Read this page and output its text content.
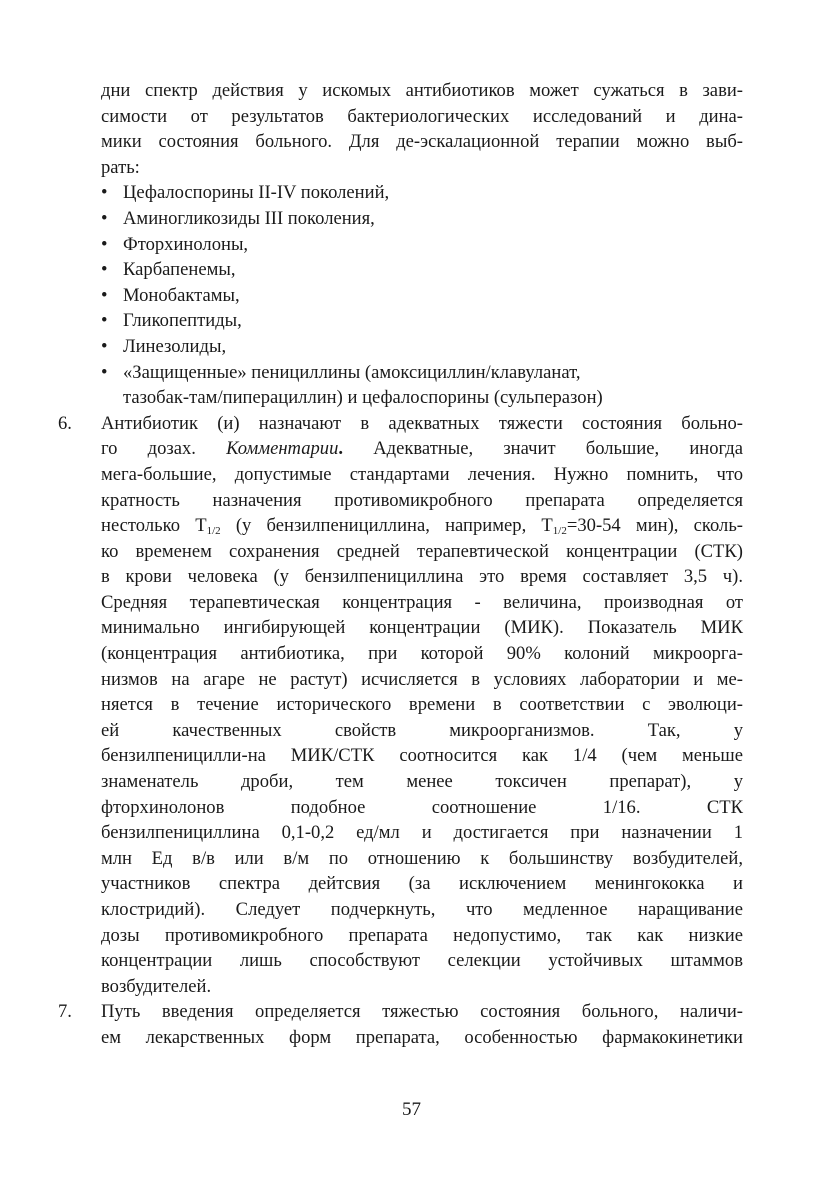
дни спектр действия у искомых антибиотиков может сужаться в зави-
симости от результатов бактериологических исследований и дина-
мики состояния больного. Для де-эскалационной терапии можно выб-
рать:
• Цефалоспорины II-IV поколений,
• Аминогликозиды III поколения,
• Фторхинолоны,
• Карбапенемы,
• Монобактамы,
• Гликопептиды,
• Линезолиды,
• «Защищенные» пенициллины (амоксициллин/клавуланат,
тазобак-там/пиперациллин) и цефалоспорины (сульперазон)
6. Антибиотик (и) назначают в адекватных тяжести состояния больно-
го дозах. Комментарии. Адекватные, значит большие, иногда
мега-большие, допустимые стандартами лечения. Нужно помнить, что
кратность назначения противомикробного препарата определяется
нестолько $T_{1/2}$ (у бензилпенициллина, например, $T_{1/2}=30-54$ мин), сколь-
ко временем сохранения средней терапевтической концентрации (СТК)
в крови человека (у бензилпенициллина это время составляет 3,5 ч).
Средняя терапевтическая концентрация - величина, производная от
минимально ингибирующей концентрации (МИК). Показатель МИК
(концентрация антибиотика, при которой 90% колоний микроорга-
низмов на агаре не растут) исчисляется в условиях лаборатории и ме-
няется в течение исторического времени в соответствии с эволюци-
ей качественных свойств микроорганизмов. Так, у
бензилпеницилли-на МИК/СТК соотносится как 1/4 (чем меньше
знаменатель дроби, тем менее токсичен препарат), у
фторхинолонов подобное соотношение 1/16. СТК
бензилпенициллина 0,1-0,2 ед/мл и достигается при назначении 1
млн Ед в/в или в/м по отношению к большинству возбудителей,
участников спектра дейтсвия (за исключением менингококка и
клостридий). Следует подчеркнуть, что медленное наращивание
дозы противомикробного препарата недопустимо, так как низкие
концентрации лишь способствуют селекции устойчивых штаммов
возбудителей.
7. Путь введения определяется тяжестью состояния больного, наличи-
ем лекарственных форм препарата, особенностью фармакокинетики
57
